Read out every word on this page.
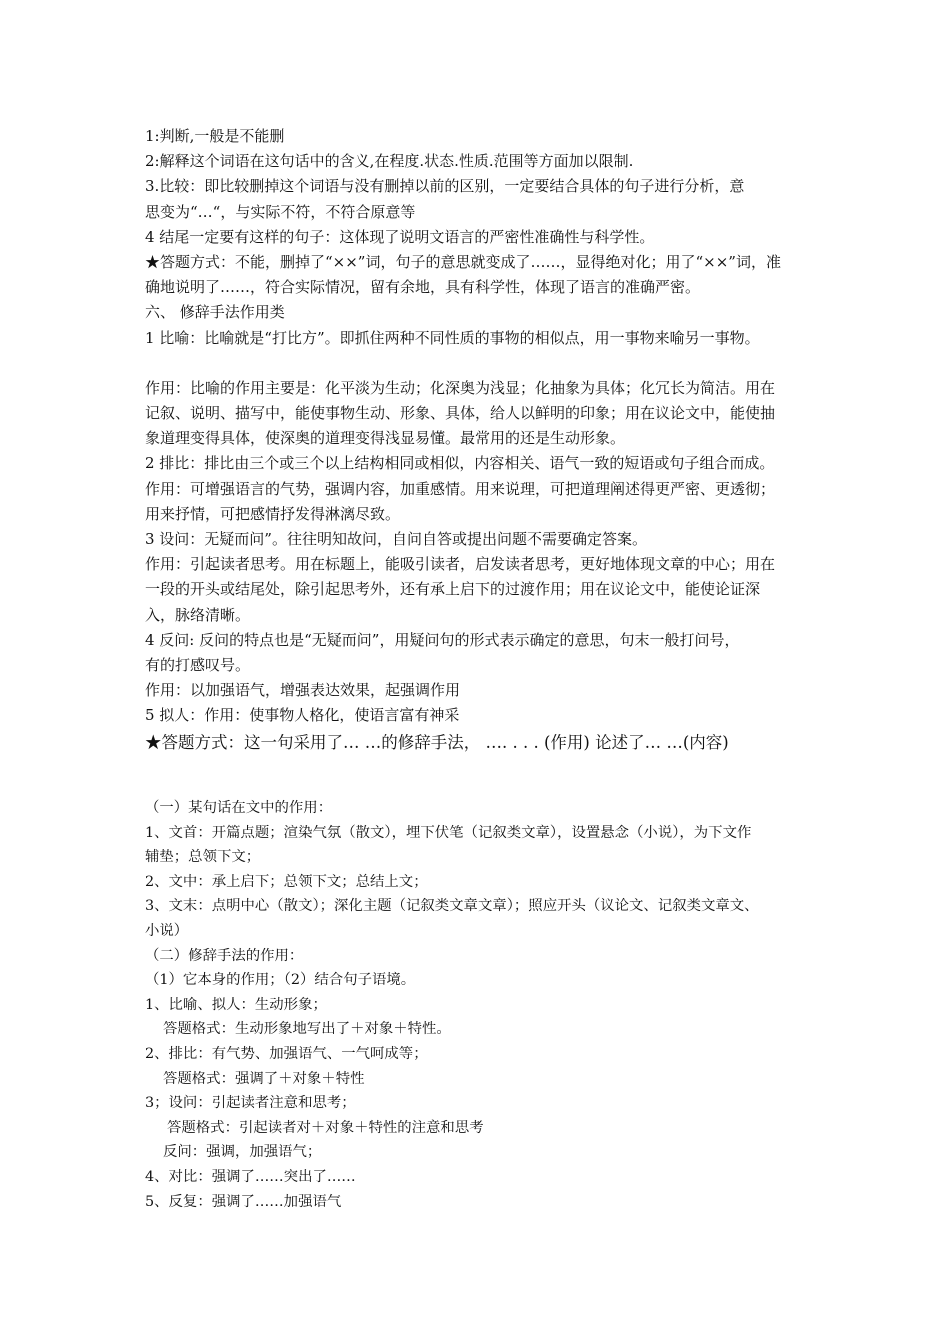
1:判断,一般是不能删
2:解释这个词语在这句话中的含义,在程度.状态.性质.范围等方面加以限制.
3.比较：即比较删掉这个词语与没有删掉以前的区别，一定要结合具体的句子进行分析，意
思变为“…“，与实际不符，不符合原意等
4 结尾一定要有这样的句子：这体现了说明文语言的严密性准确性与科学性。
★答题方式：不能，删掉了“××”词，句子的意思就变成了……，显得绝对化；用了“××”词，准
确地说明了……，符合实际情况，留有余地，具有科学性，体现了语言的准确严密。
六、 修辞手法作用类
1 比喻：比喻就是“打比方”。即抓住两种不同性质的事物的相似点，用一事物来喻另一事物。
作用：比喻的作用主要是：化平淡为生动；化深奥为浅显；化抽象为具体；化冗长为简洁。用在
记叙、说明、描写中，能使事物生动、形象、具体，给人以鲜明的印象；用在议论文中，能使抽
象道理变得具体，使深奥的道理变得浅显易懂。最常用的还是生动形象。
2 排比：排比由三个或三个以上结构相同或相似，内容相关、语气一致的短语或句子组合而成。
作用：可增强语言的气势，强调内容，加重感情。用来说理，可把道理阐述得更严密、更透彻；
用来抒情，可把感情抒发得淋漓尽致。
3 设问：无疑而问”。往往明知故问，自问自答或提出问题不需要确定答案。
作用：引起读者思考。用在标题上，能吸引读者，启发读者思考，更好地体现文章的中心；用在
一段的开头或结尾处，除引起思考外，还有承上启下的过渡作用；用在议论文中，能使论证深
入，脉络清晰。
4 反问: 反问的特点也是“无疑而问”，用疑问句的形式表示确定的意思，句末一般打问号，
有的打感叹号。
作用：以加强语气，增强表达效果，起强调作用
5 拟人：作用：使事物人格化，使语言富有神采
★答题方式：这一句采用了… …的修辞手法， …. . . . (作用) 论述了… …(内容)
（一）某句话在文中的作用：
1、文首：开篇点题；渲染气氛（散文），埋下伏笔（记叙类文章），设置悬念（小说），为下文作
辅垫；总领下文；
2、文中：承上启下；总领下文；总结上文；
3、文末：点明中心（散文）；深化主题（记叙类文章文章）；照应开头（议论文、记叙类文章文、
小说）
（二）修辞手法的作用：
（1）它本身的作用；（2）结合句子语境。
1、比喻、拟人：生动形象；
答题格式：生动形象地写出了＋对象＋特性。
2、排比：有气势、加强语气、一气呵成等；
答题格式：强调了＋对象＋特性
3；设问：引起读者注意和思考；
答题格式：引起读者对＋对象＋特性的注意和思考
反问：强调，加强语气；
4、对比：强调了……突出了……
5、反复：强调了……加强语气
